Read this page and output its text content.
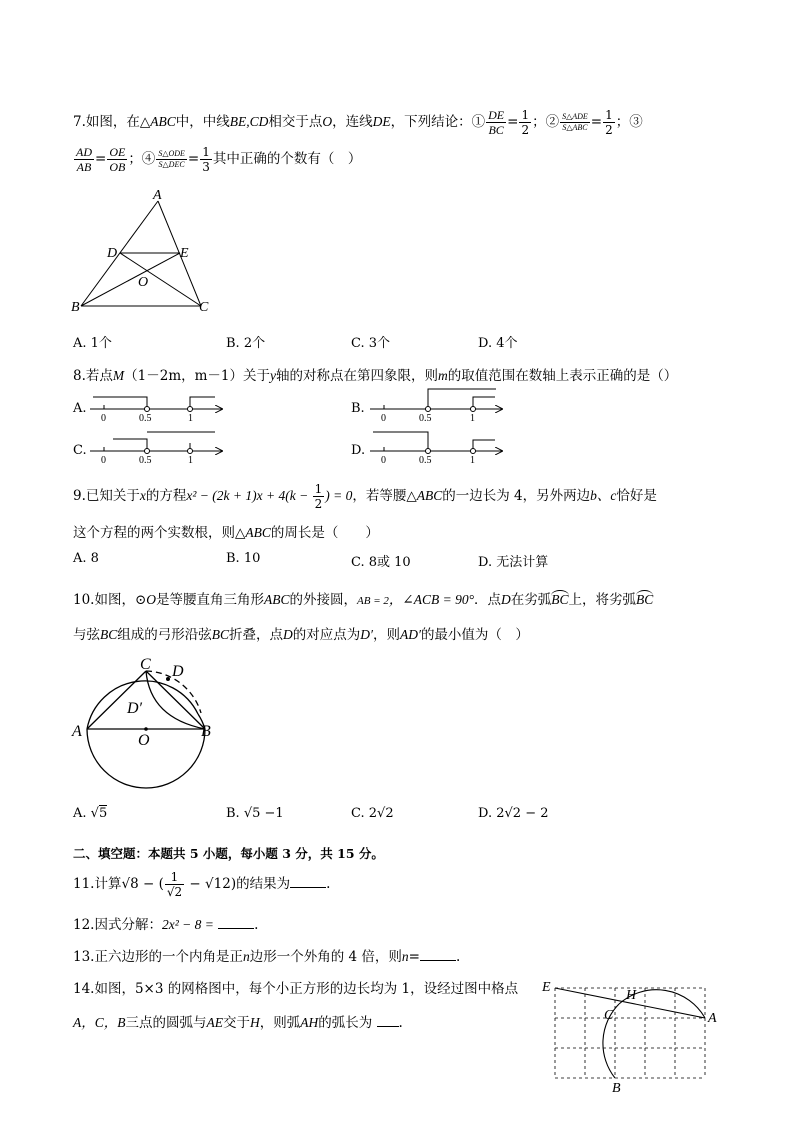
7.如图，在△ABC中，中线BE,CD相交于点O，连线DE，下列结论：① $\frac{DE}{BC} = \frac{1}{2}$ ；② $\frac{\text{S△ADE}}{\text{S△ABC}} = \frac{1}{2}$ ；③
$\frac{AD}{AB} = \frac{OE}{OB}$ ；④ $\frac{\text{S△ODE}}{\text{S△DEC}} = \frac{1}{3}$ 其中正确的个数有（　）
A
D	E
O
B	C
A. 1个	B. 2个	C. 3个	D. 4个
8.若点M（1－2m，m－1）关于y轴的对称点在第四象限，则m的取值范围在数轴上表示正确的是（）
A.	B.
C.	D.
0	0.5	1	0	0.5	1
0	0.5	1	0	0.5	1
9.已知关于x的方程$x^2 - (2k + 1)x + 4(k - \frac{1}{2}$ ) = 0，若等腰△ABC的一边长为 4，另外两边b、c恰好是
这个方程的两个实数根，则△ABC的周长是（　　）
A. 8	B. 10	C. 8或 10	D. 无法计算
10.如图，⊙O是等腰直角三角形ABC的外接圆，AB = 2，∠ACB = 90°．点D在劣弧BC上，将劣弧BC
与弦BC组成的弓形沿弦BC折叠，点D的对应点为D′，则AD′的最小值为（　）
C D
D′
A
O
B
A. √5	B. √5 −1	C. 2√2	D. 2√2 − 2
二、填空题：本题共 5 小题，每小题 3 分，共 15 分。
11.计算√8 − ( $\frac{1}{√2} - √12$)的结果为	.
12.因式分解：2x² − 8 =	.
13.正六边形的一个内角是正n边形一个外角的 4 倍，则n=	.
14.如图，5×3 的网格图中，每个小正方形的边长均为 1，设经过图中格点
A，C，B三点的圆弧与AE交于H，则弧AH的弧长为 .
E
H
C	A
B
